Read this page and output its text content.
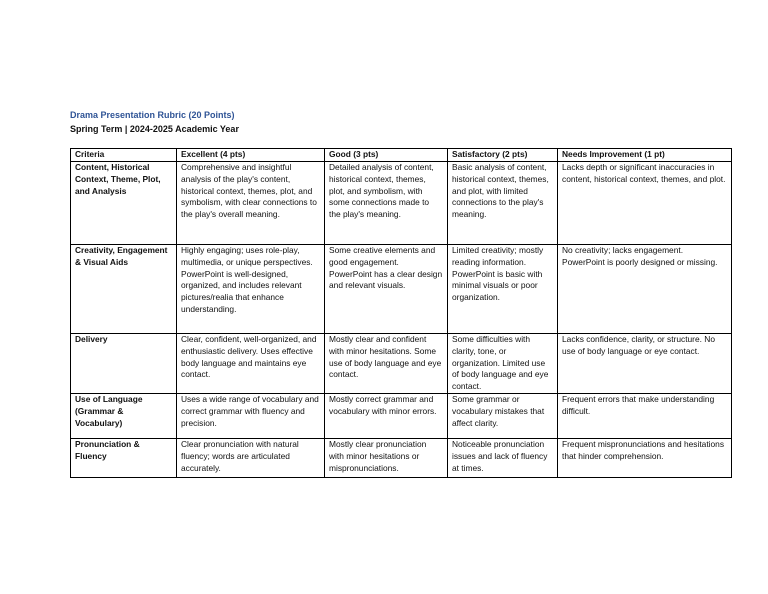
Drama Presentation Rubric (20 Points)
Spring Term | 2024-2025 Academic Year
Criteria	Excellent (4 pts)	Good (3 pts)	Satisfactory (2 pts)	Needs Improvement (1 pt)
Content, Historical Context, Theme, Plot, and Analysis	Comprehensive and insightful analysis of the play's content, historical context, themes, plot, and symbolism, with clear connections to the play's overall meaning.	Detailed analysis of content, historical context, themes, plot, and symbolism, with some connections made to the play's meaning.	Basic analysis of content, historical context, themes, and plot, with limited connections to the play's meaning.	Lacks depth or significant inaccuracies in content, historical context, themes, and plot.
Creativity, Engagement & Visual Aids	Highly engaging; uses role-play, multimedia, or unique perspectives. PowerPoint is well-designed, organized, and includes relevant pictures/realia that enhance understanding.	Some creative elements and good engagement. PowerPoint has a clear design and relevant visuals.	Limited creativity; mostly reading information. PowerPoint is basic with minimal visuals or poor organization.	No creativity; lacks engagement. PowerPoint is poorly designed or missing.
Delivery	Clear, confident, well-organized, and enthusiastic delivery. Uses effective body language and maintains eye contact.	Mostly clear and confident with minor hesitations. Some use of body language and eye contact.	Some difficulties with clarity, tone, or organization. Limited use of body language and eye contact.	Lacks confidence, clarity, or structure. No use of body language or eye contact.
Use of Language (Grammar & Vocabulary)	Uses a wide range of vocabulary and correct grammar with fluency and precision.	Mostly correct grammar and vocabulary with minor errors.	Some grammar or vocabulary mistakes that affect clarity.	Frequent errors that make understanding difficult.
Pronunciation & Fluency	Clear pronunciation with natural fluency; words are articulated accurately.	Mostly clear pronunciation with minor hesitations or mispronunciations.	Noticeable pronunciation issues and lack of fluency at times.	Frequent mispronunciations and hesitations that hinder comprehension.
